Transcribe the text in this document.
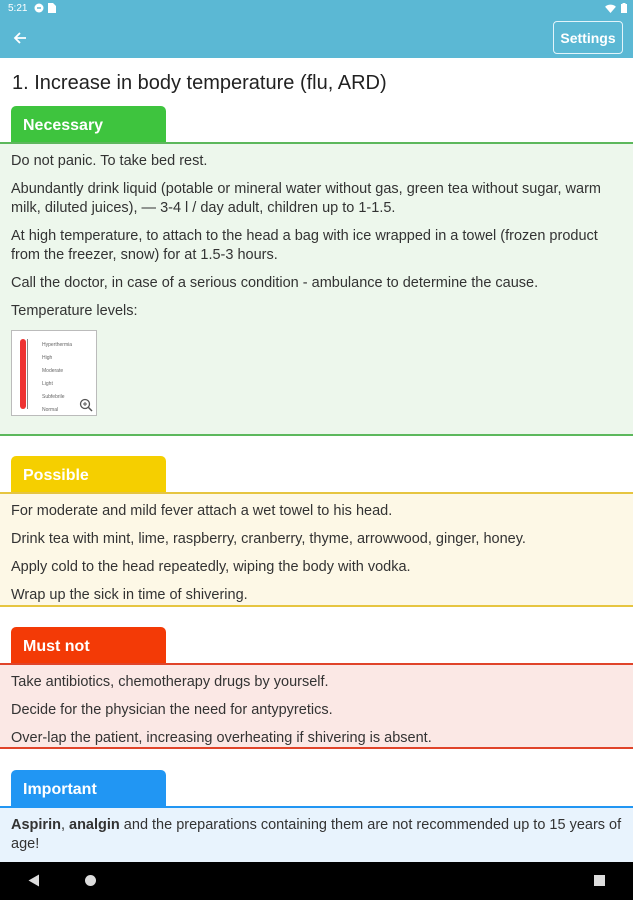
5:21
Settings
1. Increase in body temperature (flu, ARD)
Necessary

Do not panic. To take bed rest.

Abundantly drink liquid (potable or mineral water without gas, green tea without sugar, warm milk, diluted juices), — 3-4 l / day adult, children up to 1-1.5.

At high temperature, to attach to the head a bag with ice wrapped in a towel (frozen product from the freezer, snow) for at 1.5-3 hours.

Call the doctor, in case of a serious condition - ambulance to determine the cause.

Temperature levels:

Hyperthermia
High
Moderate
Light
Subfebrile
Normal
Possible

For moderate and mild fever attach a wet towel to his head.

Drink tea with mint, lime, raspberry, cranberry, thyme, arrowwood, ginger, honey.

Apply cold to the head repeatedly, wiping the body with vodka.

Wrap up the sick in time of shivering.

Must not

Take antibiotics, chemotherapy drugs by yourself.

Decide for the physician the need for antypyretics.

Over-lap the patient, increasing overheating if shivering is absent.

Important

Aspirin, analgin and the preparations containing them are not recommended up to 15 years of age!
